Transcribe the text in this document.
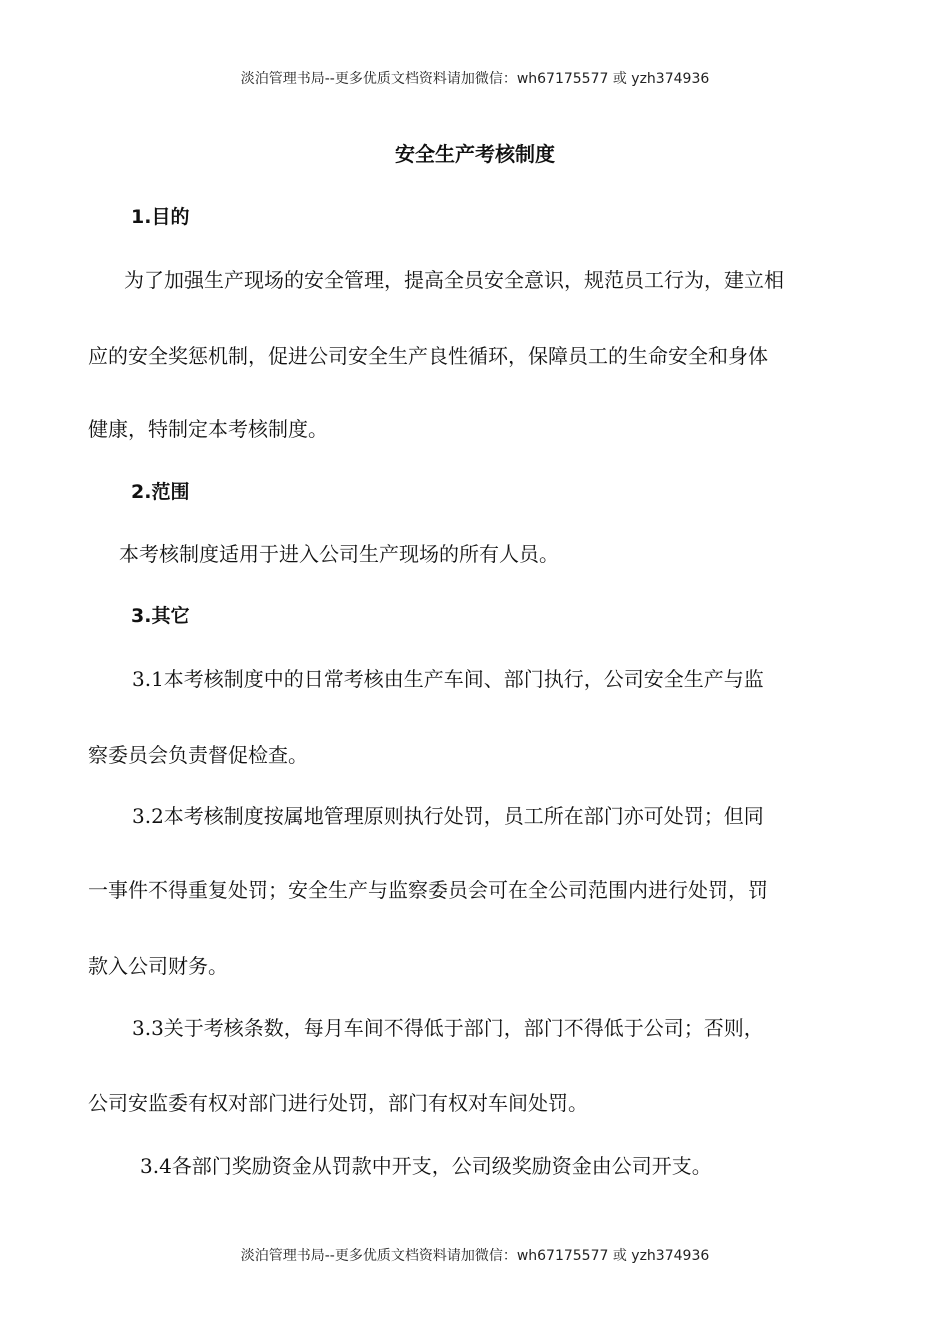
淡泊管理书局--更多优质文档资料请加微信：wh67175577 或 yzh374936
安全生产考核制度
1.目的
为了加强生产现场的安全管理，提高全员安全意识，规范员工行为，建立相
应的安全奖惩机制，促进公司安全生产良性循环，保障员工的生命安全和身体
健康，特制定本考核制度。
2.范围
本考核制度适用于进入公司生产现场的所有人员。
3.其它
3.1本考核制度中的日常考核由生产车间、部门执行，公司安全生产与监
察委员会负责督促检查。
3.2本考核制度按属地管理原则执行处罚，员工所在部门亦可处罚；但同
一事件不得重复处罚；安全生产与监察委员会可在全公司范围内进行处罚，罚
款入公司财务。
3.3关于考核条数，每月车间不得低于部门，部门不得低于公司；否则，
公司安监委有权对部门进行处罚，部门有权对车间处罚。
3.4各部门奖励资金从罚款中开支，公司级奖励资金由公司开支。
淡泊管理书局--更多优质文档资料请加微信：wh67175577 或 yzh374936
